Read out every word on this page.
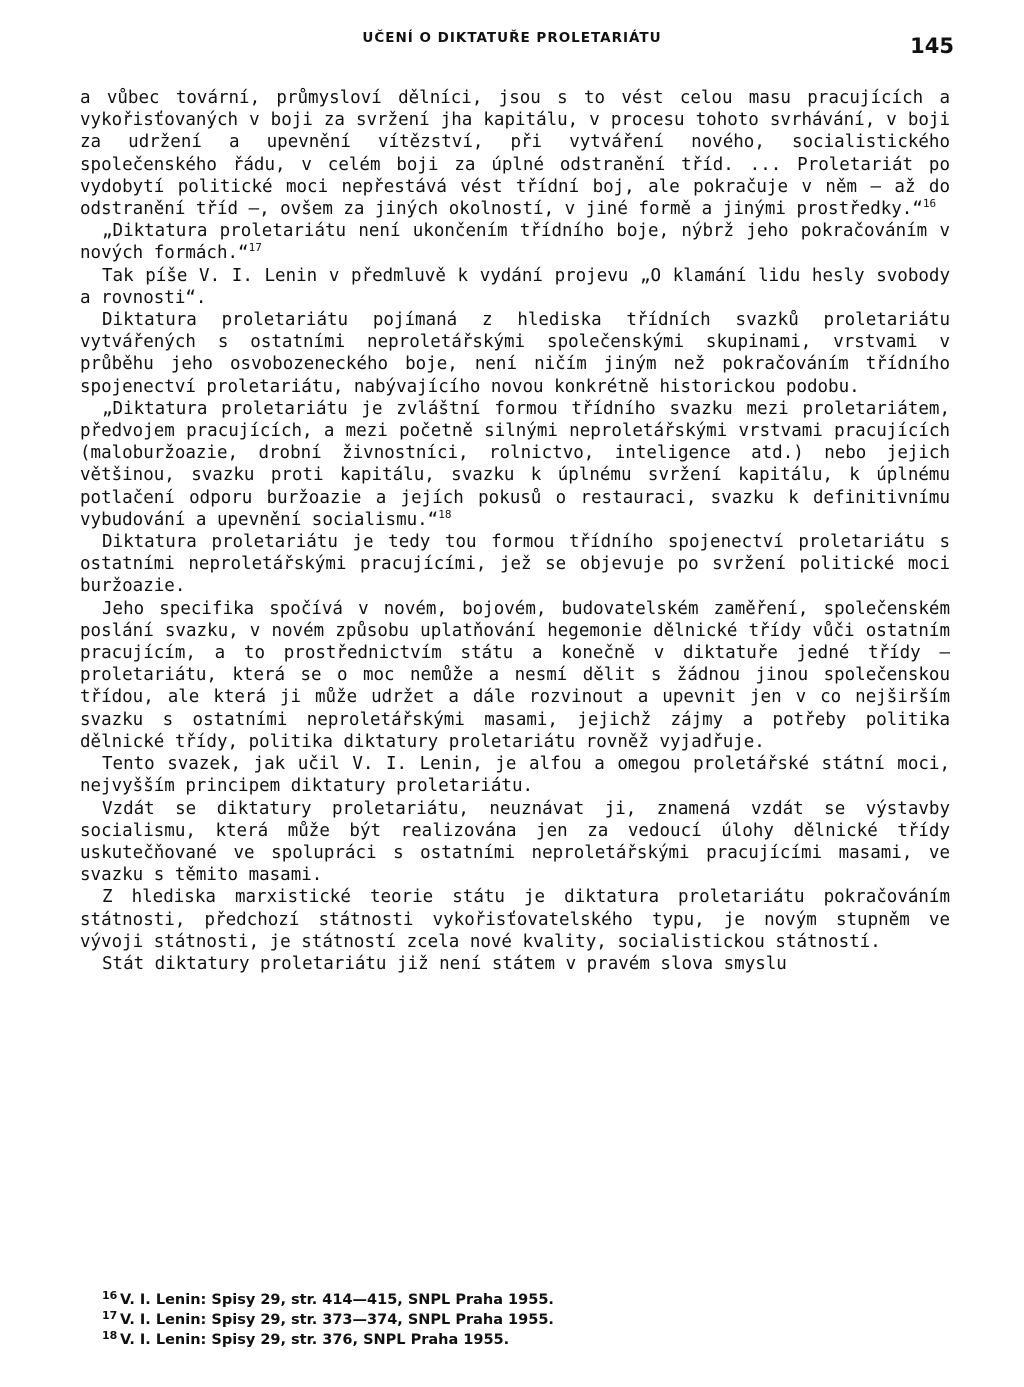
UČENÍ O DIKTATUŘE PROLETARIÁTU	145

a vůbec tovární, průmysloví dělníci, jsou s to vést celou masu pracujících a vykořisťovaných v boji za svržení jha kapitálu, v procesu tohoto svrhávání, v boji za udržení a upevnění vítězství, při vytváření nového, socialistického společenského řádu, v celém boji za úplné odstranění tříd. ... Proletariát po vydobytí politické moci nepřestává vést třídní boj, ale pokračuje v něm — až do odstranění tříd —, ovšem za jiných okolností, v jiné formě a jinými prostředky.“$^{16}$

„Diktatura proletariátu není ukončením třídního boje, nýbrž jeho pokračováním v nových formách.“$^{17}$

Tak píše V. I. Lenin v předmluvě k vydání projevu „O klamání lidu hesly svobody a rovnosti“.

Diktatura proletariátu pojímaná z hlediska třídních svazků proletariátu vytvářených s ostatními neproletářskými společenskými skupinami, vrstvami v průběhu jeho osvobozeneckého boje, není ničím jiným než pokračováním třídního spojenectví proletariátu, nabývajícího novou konkrétně historickou podobu.

„Diktatura proletariátu je zvláštní formou třídního svazku mezi proletariátem, předvojem pracujících, a mezi početně silnými neproletářskými vrstvami pracujících (maloburžoazie, drobní živnostníci, rolnictvo, inteligence atd.) nebo jejich většinou, svazku proti kapitálu, svazku k úplnému svržení kapitálu, k úplnému potlačení odporu buržoazie a jejích pokusů o restauraci, svazku k definitivnímu vybudování a upevnění socialismu.“$^{18}$

Diktatura proletariátu je tedy tou formou třídního spojenectví proletariátu s ostatními neproletářskými pracujícími, jež se objevuje po svržení politické moci buržoazie.

Jeho specifika spočívá v novém, bojovém, budovatelském zaměření, společenském poslání svazku, v novém způsobu uplatňování hegemonie dělnické třídy vůči ostatním pracujícím, a to prostřednictvím státu a konečně v diktatuře jedné třídy — proletariátu, která se o moc nemůže a nesmí dělit s žádnou jinou společenskou třídou, ale která ji může udržet a dále rozvinout a upevnit jen v co nejširším svazku s ostatními neproletářskými masami, jejichž zájmy a potřeby politika dělnické třídy, politika diktatury proletariátu rovněž vyjadřuje.

Tento svazek, jak učil V. I. Lenin, je alfou a omegou proletářské státní moci, nejvyšším principem diktatury proletariátu.

Vzdát se diktatury proletariátu, neuznávat ji, znamená vzdát se výstavby socialismu, která může být realizována jen za vedoucí úlohy dělnické třídy uskutečňované ve spolupráci s ostatními neproletářskými pracujícími masami, ve svazku s těmito masami.

Z hlediska marxistické teorie státu je diktatura proletariátu pokračováním státnosti, předchozí státnosti vykořisťovatelského typu, je novým stupněm ve vývoji státnosti, je státností zcela nové kvality, socialistickou státností.

Stát diktatury proletariátu již není státem v pravém slova smyslu

16 V. I. Lenin: Spisy 29, str. 414—415, SNPL Praha 1955.
17 V. I. Lenin: Spisy 29, str. 373—374, SNPL Praha 1955.
18 V. I. Lenin: Spisy 29, str. 376, SNPL Praha 1955.
